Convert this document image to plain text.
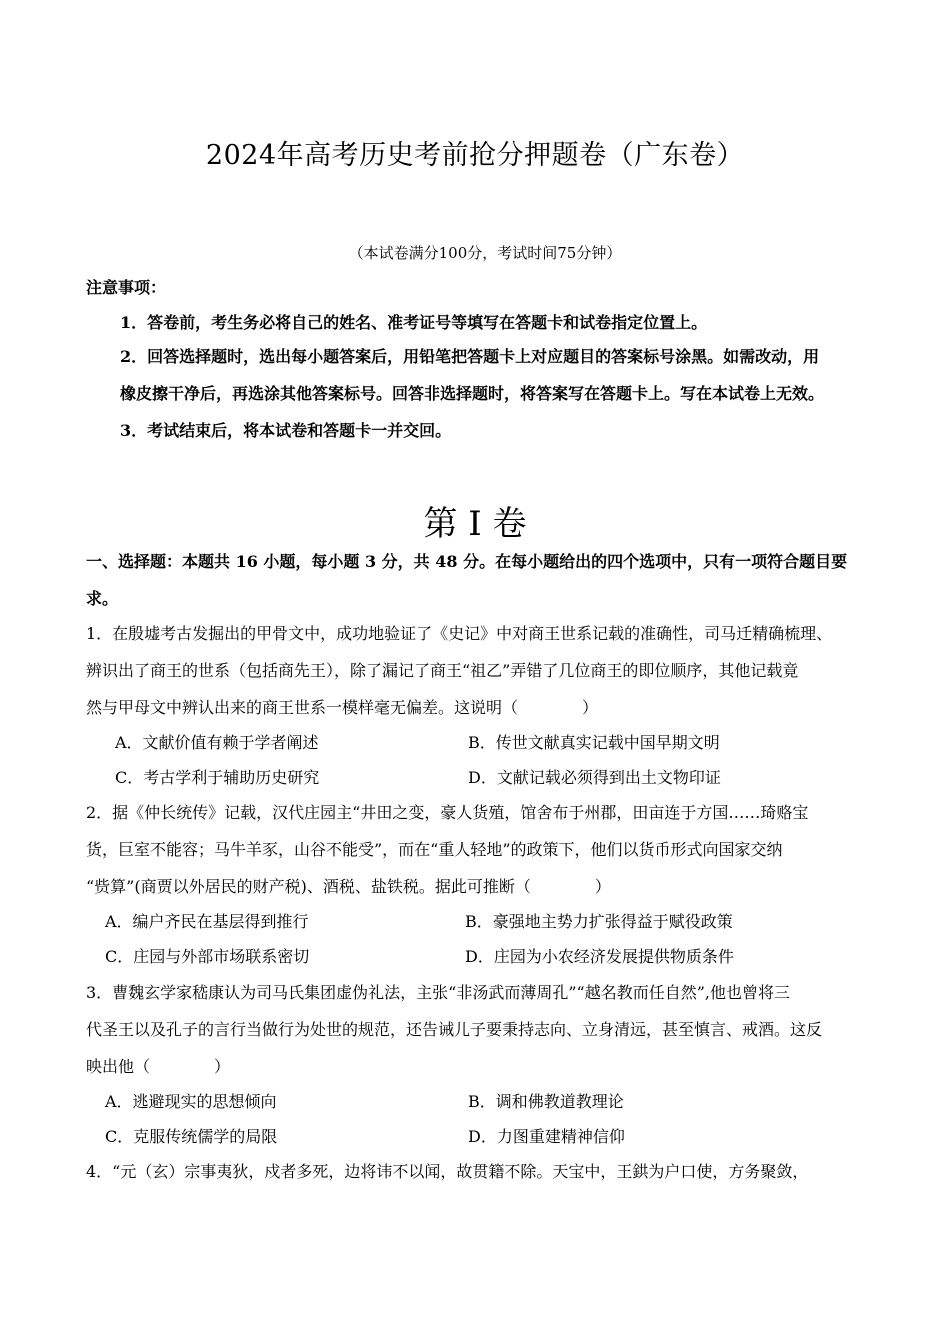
2024年高考历史考前抢分押题卷（广东卷）
（本试卷满分100分，考试时间75分钟）
注意事项：
1．答卷前，考生务必将自己的姓名、准考证号等填写在答题卡和试卷指定位置上。
2．回答选择题时，选出每小题答案后，用铅笔把答题卡上对应题目的答案标号涂黑。如需改动，用
橡皮擦干净后，再选涂其他答案标号。回答非选择题时，将答案写在答题卡上。写在本试卷上无效。
3．考试结束后，将本试卷和答题卡一并交回。
第 I 卷
一、选择题：本题共 16 小题，每小题 3 分，共 48 分。在每小题给出的四个选项中，只有一项符合题目要
求。
1．在殷墟考古发掘出的甲骨文中，成功地验证了《史记》中对商王世系记载的准确性，司马迁精确梳理、
辨识出了商王的世系（包括商先王），除了漏记了商王“祖乙”弄错了几位商王的即位顺序，其他记载竟
然与甲母文中辨认出来的商王世系一模样毫无偏差。这说明（　　　　）
A．文献价值有赖于学者阐述	B．传世文献真实记载中国早期文明
C．考古学利于辅助历史研究	D．文献记载必须得到出土文物印证
2．据《仲长统传》记载，汉代庄园主“井田之变，豪人货殖，馆舍布于州郡，田亩连于方国……琦赂宝
货，巨室不能容；马牛羊豕，山谷不能受”，而在“重人轻地”的政策下，他们以货币形式向国家交纳
“赀算”(商贾以外居民的财产税)、酒税、盐铁税。据此可推断（　　　　）
A．编户齐民在基层得到推行	B．豪强地主势力扩张得益于赋役政策
C．庄园与外部市场联系密切	D．庄园为小农经济发展提供物质条件
3．曹魏玄学家嵇康认为司马氏集团虚伪礼法，主张“非汤武而薄周孔”“越名教而任自然”,他也曾将三
代圣王以及孔子的言行当做行为处世的规范，还告诫儿子要秉持志向、立身清远，甚至慎言、戒酒。这反
映出他（　　　　）
A．逃避现实的思想倾向	B．调和佛教道教理论
C．克服传统儒学的局限	D．力图重建精神信仰
4．“元（玄）宗事夷狄，戍者多死，边将讳不以闻，故贯籍不除。天宝中，王鉷为户口使，方务聚敛，
